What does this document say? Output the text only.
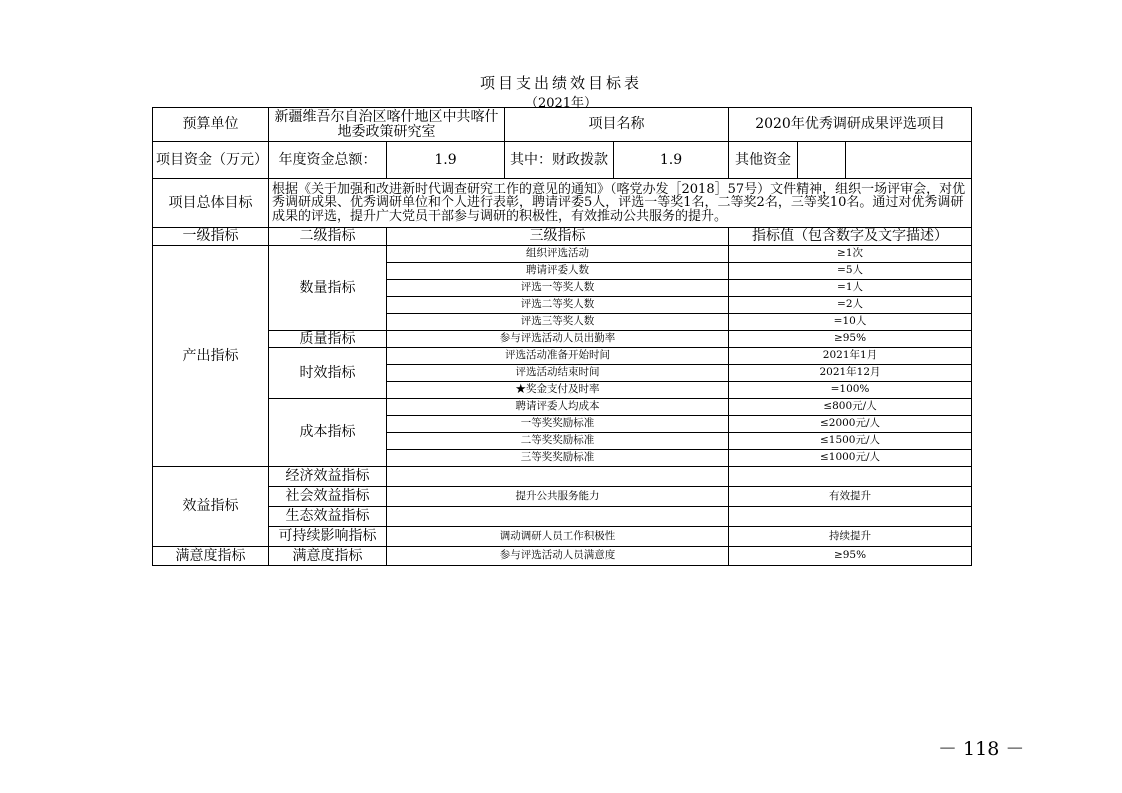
项目支出绩效目标表
（2021年）
预算单位	新疆维吾尔自治区喀什地区中共喀什地委政策研究室		项目名称	2020年优秀调研成果评选项目	
项目资金（万元）	年度资金总额：	1.9	其中：财政拨款 1.9	其他资金	

项目总体目标	根据《关于加强和改进新时代调查研究工作的意见的通知》（喀党办发［2018］57号）文件精神，组织一场评审会，对优秀调研成果、优秀调研单位和个人进行表彰，聘请评委5人，评选一等奖1名，二等奖2名，三等奖10名。通过对优秀调研成果的评选，提升广大党员干部参与调研的积极性，有效推动公共服务的提升。				
一级指标	二级指标	三级指标		指标值（包含数字及文字描述）	
产出指标	数量指标	组织评选活动		≥1次	
		聘请评委人数		=5人	
		评选一等奖人数		=1人	
		评选二等奖人数		=2人	
		评选三等奖人数		=10人	
	质量指标	参与评选活动人员出勤率		≥95%	
	时效指标	评选活动准备开始时间		2021年1月	
		评选活动结束时间		2021年12月	
		★奖金支付及时率		=100%	
	成本指标	聘请评委人均成本		≤800元/人	
		一等奖奖励标准		≤2000元/人	
		二等奖奖励标准		≤1500元/人	
		三等奖奖励标准		≤1000元/人	
效益指标	经济效益指标				
	社会效益指标	提升公共服务能力		有效提升	
	生态效益指标				
	可持续影响指标	调动调研人员工作积极性		持续提升	
满意度指标	满意度指标	参与评选活动人员满意度		≥95%	
－ 118 －
